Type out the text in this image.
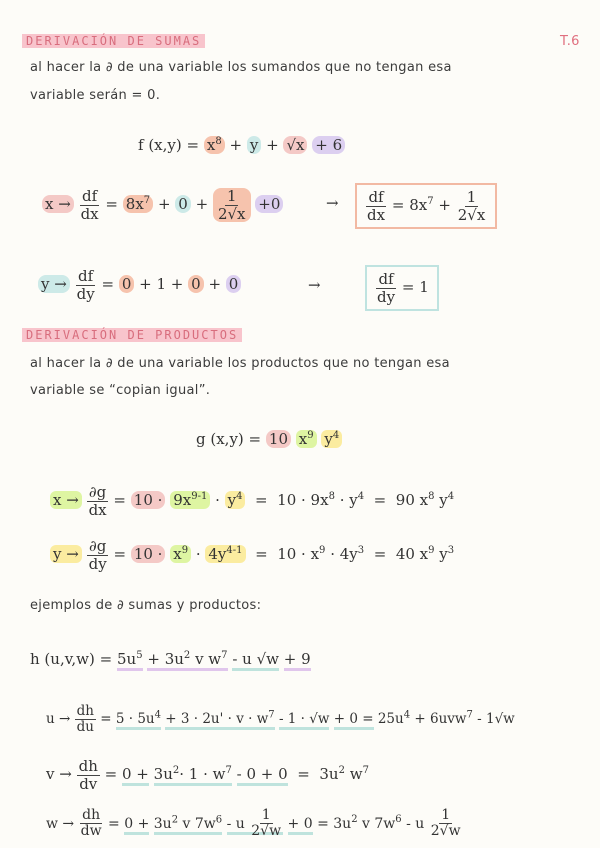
DERIVACIÓN DE SUMAS	T.6
al hacer la ∂ de una variable los sumandos que no tengan esa
variable serán = 0.
f $(x,y) = x^8 + y + √x + 6$
$x \to \frac{df}{dx} = 8x^7 + 0 + \frac{1}{2√x} +0$	→ $\frac{df}{dx} = 8x^7 + \frac{1}{2√x}$
$y \to \frac{df}{dy} = 0 + 1 + 0 + 0$	→	$\frac{df}{dy} = 1$
DERIVACIÓN DE PRODUCTOS
al hacer la ∂ de una variable los productos que no tengan esa
variable se “copian igual”.
g (x,y) = 10 $x^9$ $y^4$
$x \to \frac{\partial g}{dx} = 10 \cdot 9x^{9-1} \cdot y^4 = 10 \cdot 9x^8 \cdot y^4 = 90$ $x^8$ $y^4$
$y \to \frac{\partial g}{dy} = 10 \cdot x^9 \cdot 4y^{4-1} = 10 \cdot x^9 \cdot 4y^3 = 40$ $x^9$ $y^3$
ejemplos de ∂ sumas y productos:
h $(u,v,w) = 5u^5 + 3u^2$ v $w^7$ - u √w + 9
$u \to \frac{dh}{du} = 5 \cdot 5u^4 + 3 \cdot 2u' \cdot v \cdot w^7 - 1 \cdot √w + 0 = 25u^4 + 6uvw^7 - 1√w$
$v \to \frac{dh}{dv} = 0 + 3u^2\cdot 1 \cdot w^7 - 0 + 0 = 3u^2$ $w^7$
$w \to \frac{dh}{dw} = 0 + 3u^2$ v $7w^6 - u \frac{1}{2√w} + 0 = 3u^2$ v $7w^6$ - u $\frac{1}{2√w}$
